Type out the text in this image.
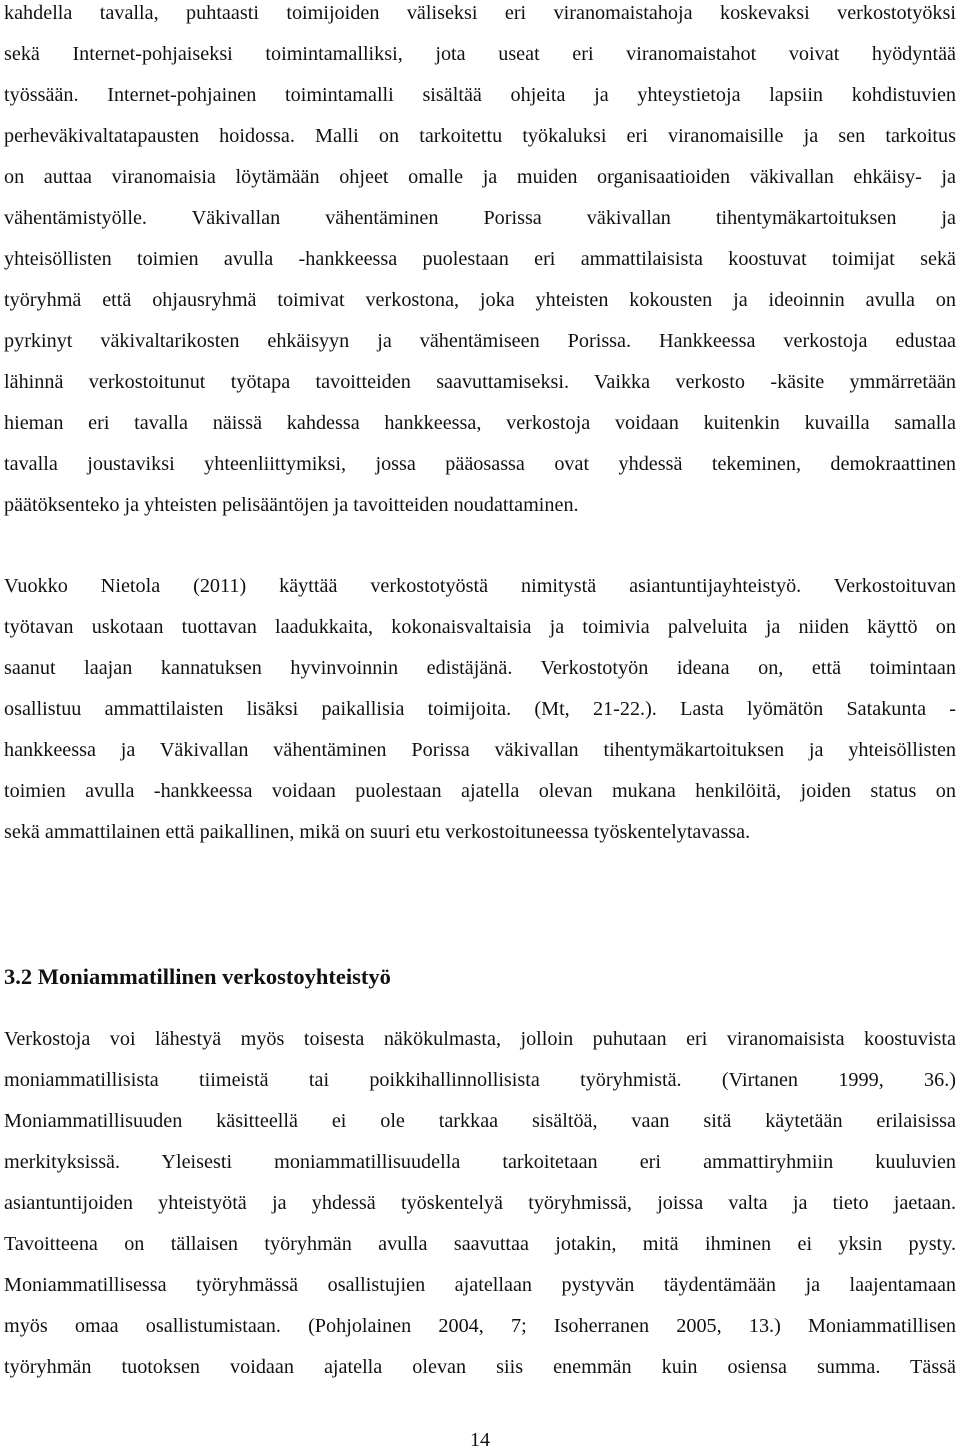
kahdella tavalla, puhtaasti toimijoiden väliseksi eri viranomaistahoja koskevaksi verkostotyöksi
sekä Internet-pohjaiseksi toimintamalliksi, jota useat eri viranomaistahot voivat hyödyntää
työssään. Internet-pohjainen toimintamalli sisältää ohjeita ja yhteystietoja lapsiin kohdistuvien
perheväkivaltatapausten hoidossa. Malli on tarkoitettu työkaluksi eri viranomaisille ja sen tarkoitus
on auttaa viranomaisia löytämään ohjeet omalle ja muiden organisaatioiden väkivallan ehkäisy- ja
vähentämistyölle. Väkivallan vähentäminen Porissa väkivallan tihentymäkartoituksen ja
yhteisöllisten toimien avulla -hankkeessa puolestaan eri ammattilaisista koostuvat toimijat sekä
työryhmä että ohjausryhmä toimivat verkostona, joka yhteisten kokousten ja ideoinnin avulla on
pyrkinyt väkivaltarikosten ehkäisyyn ja vähentämiseen Porissa. Hankkeessa verkostoja edustaa
lähinnä verkostoitunut työtapa tavoitteiden saavuttamiseksi. Vaikka verkosto -käsite ymmärretään
hieman eri tavalla näissä kahdessa hankkeessa, verkostoja voidaan kuitenkin kuvailla samalla
tavalla joustaviksi yhteenliittymiksi, jossa pääosassa ovat yhdessä tekeminen, demokraattinen
päätöksenteko ja yhteisten pelisääntöjen ja tavoitteiden noudattaminen.
Vuokko Nietola (2011) käyttää verkostotyöstä nimitystä asiantuntijayhteistyö. Verkostoituvan
työtavan uskotaan tuottavan laadukkaita, kokonaisvaltaisia ja toimivia palveluita ja niiden käyttö on
saanut laajan kannatuksen hyvinvoinnin edistäjänä. Verkostotyön ideana on, että toimintaan
osallistuu ammattilaisten lisäksi paikallisia toimijoita. (Mt, 21-22.). Lasta lyömätön Satakunta -
hankkeessa ja Väkivallan vähentäminen Porissa väkivallan tihentymäkartoituksen ja yhteisöllisten
toimien avulla -hankkeessa voidaan puolestaan ajatella olevan mukana henkilöitä, joiden status on
sekä ammattilainen että paikallinen, mikä on suuri etu verkostoituneessa työskentelytavassa.
3.2 Moniammatillinen verkostoyhteistyö
Verkostoja voi lähestyä myös toisesta näkökulmasta, jolloin puhutaan eri viranomaisista koostuvista
moniammatillisista tiimeistä tai poikkihallinnollisista työryhmistä. (Virtanen 1999, 36.)
Moniammatillisuuden käsitteellä ei ole tarkkaa sisältöä, vaan sitä käytetään erilaisissa
merkityksissä. Yleisesti moniammatillisuudella tarkoitetaan eri ammattiryhmiin kuuluvien
asiantuntijoiden yhteistyötä ja yhdessä työskentelyä työryhmissä, joissa valta ja tieto jaetaan.
Tavoitteena on tällaisen työryhmän avulla saavuttaa jotakin, mitä ihminen ei yksin pysty.
Moniammatillisessa työryhmässä osallistujien ajatellaan pystyvän täydentämään ja laajentamaan
myös omaa osallistumistaan. (Pohjolainen 2004, 7; Isoherranen 2005, 13.) Moniammatillisen
työryhmän tuotoksen voidaan ajatella olevan siis enemmän kuin osiensa summa. Tässä
14
